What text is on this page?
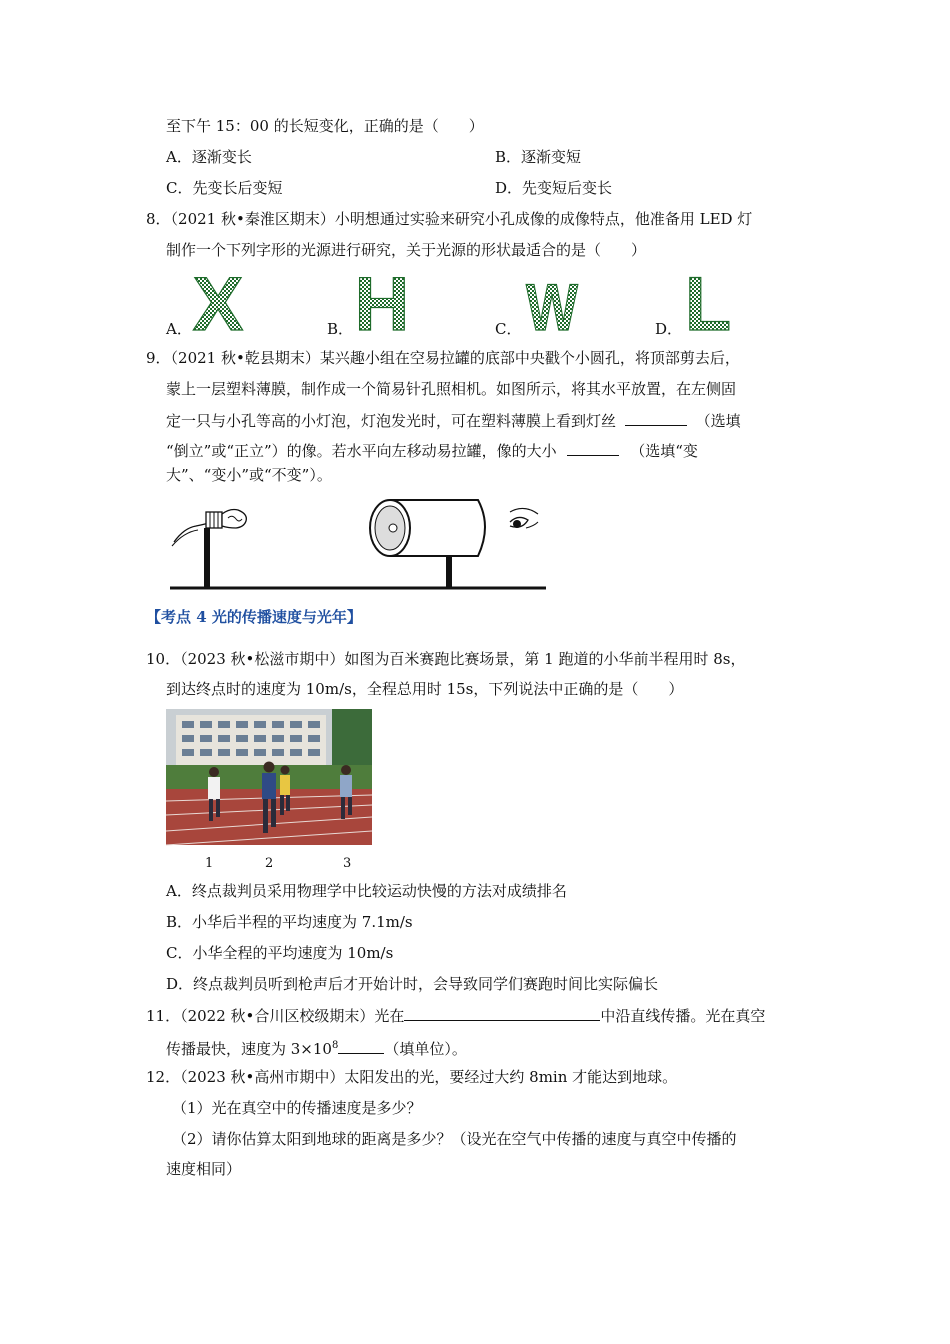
至下午 15：00 的长短变化，正确的是（　　）
A．逐渐变长	B．逐渐变短
C．先变长后变短	D．先变短后变长
8．（2021 秋•秦淮区期末）小明想通过实验来研究小孔成像的成像特点，他准备用 LED 灯
制作一个下列字形的光源进行研究，关于光源的形状最适合的是（　　）
A． X	B． H	C． W	D． L
9．（2021 秋•乾县期末）某兴趣小组在空易拉罐的底部中央戳个小圆孔，将顶部剪去后，
蒙上一层塑料薄膜，制作成一个简易针孔照相机。如图所示，将其水平放置，在左侧固
定一只与小孔等高的小灯泡，灯泡发光时，可在塑料薄膜上看到灯丝	（选填
“倒立”或“正立”）的像。若水平向左移动易拉罐，像的大小	（选填“变
大”、“变小”或“不变”）。
【考点 4 光的传播速度与光年】
10．（2023 秋•松滋市期中）如图为百米赛跑比赛场景，第 1 跑道的小华前半程用时 8s，
到达终点时的速度为 10m/s，全程总用时 15s，下列说法中正确的是（　　）
1	2	3
A．终点裁判员采用物理学中比较运动快慢的方法对成绩排名
B．小华后半程的平均速度为 7.1m/s
C．小华全程的平均速度为 10m/s
D．终点裁判员听到枪声后才开始计时，会导致同学们赛跑时间比实际偏长
11．（2022 秋•合川区校级期末）光在	中沿直线传播。光在真空
传播最快，速度为 $3\times 10^8$	（填单位）。
12．（2023 秋•高州市期中）太阳发出的光，要经过大约 8min 才能达到地球。
（1）光在真空中的传播速度是多少？
（2）请你估算太阳到地球的距离是多少？（设光在空气中传播的速度与真空中传播的
速度相同）
